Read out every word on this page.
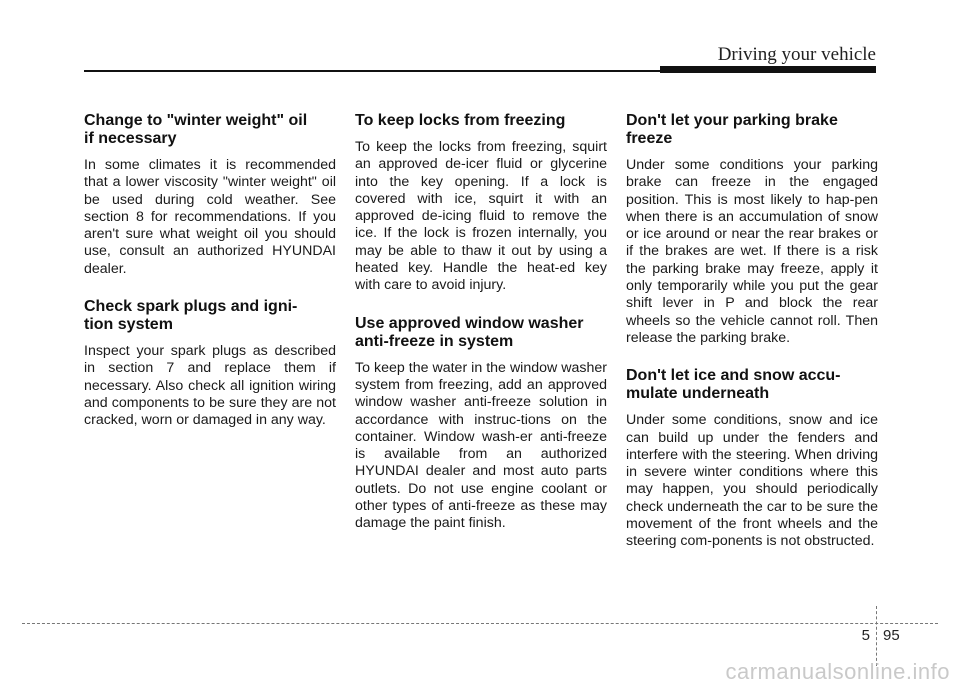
Driving your vehicle
Change to "winter weight" oil
if necessary

In some climates it is recommended that a lower viscosity "winter weight" oil be used during cold weather. See section 8 for recommendations. If you aren't sure what weight oil you should use, consult an authorized HYUNDAI dealer.

Check spark plugs and igni-
tion system

Inspect your spark plugs as described in section 7 and replace them if necessary. Also check all ignition wiring and components to be sure they are not cracked, worn or damaged in any way.

To keep locks from freezing

To keep the locks from freezing, squirt an approved de-icer fluid or glycerine into the key opening. If a lock is covered with ice, squirt it with an approved de-icing fluid to remove the ice. If the lock is frozen internally, you may be able to thaw it out by using a heated key. Handle the heat-ed key with care to avoid injury.

Use approved window washer
anti-freeze in system

To keep the water in the window washer system from freezing, add an approved window washer anti-freeze solution in accordance with instruc-tions on the container. Window wash-er anti-freeze is available from an authorized HYUNDAI dealer and most auto parts outlets. Do not use engine coolant or other types of anti-freeze as these may damage the paint finish.

Don't let your parking brake
freeze

Under some conditions your parking brake can freeze in the engaged position. This is most likely to hap-pen when there is an accumulation of snow or ice around or near the rear brakes or if the brakes are wet. If there is a risk the parking brake may freeze, apply it only temporarily while you put the gear shift lever in P and block the rear wheels so the vehicle cannot roll. Then release the parking brake.

Don't let ice and snow accu-
mulate underneath

Under some conditions, snow and ice can build up under the fenders and interfere with the steering. When driving in severe winter conditions where this may happen, you should periodically check underneath the car to be sure the movement of the front wheels and the steering com-ponents is not obstructed.

5 95
carmanualsonline.info
